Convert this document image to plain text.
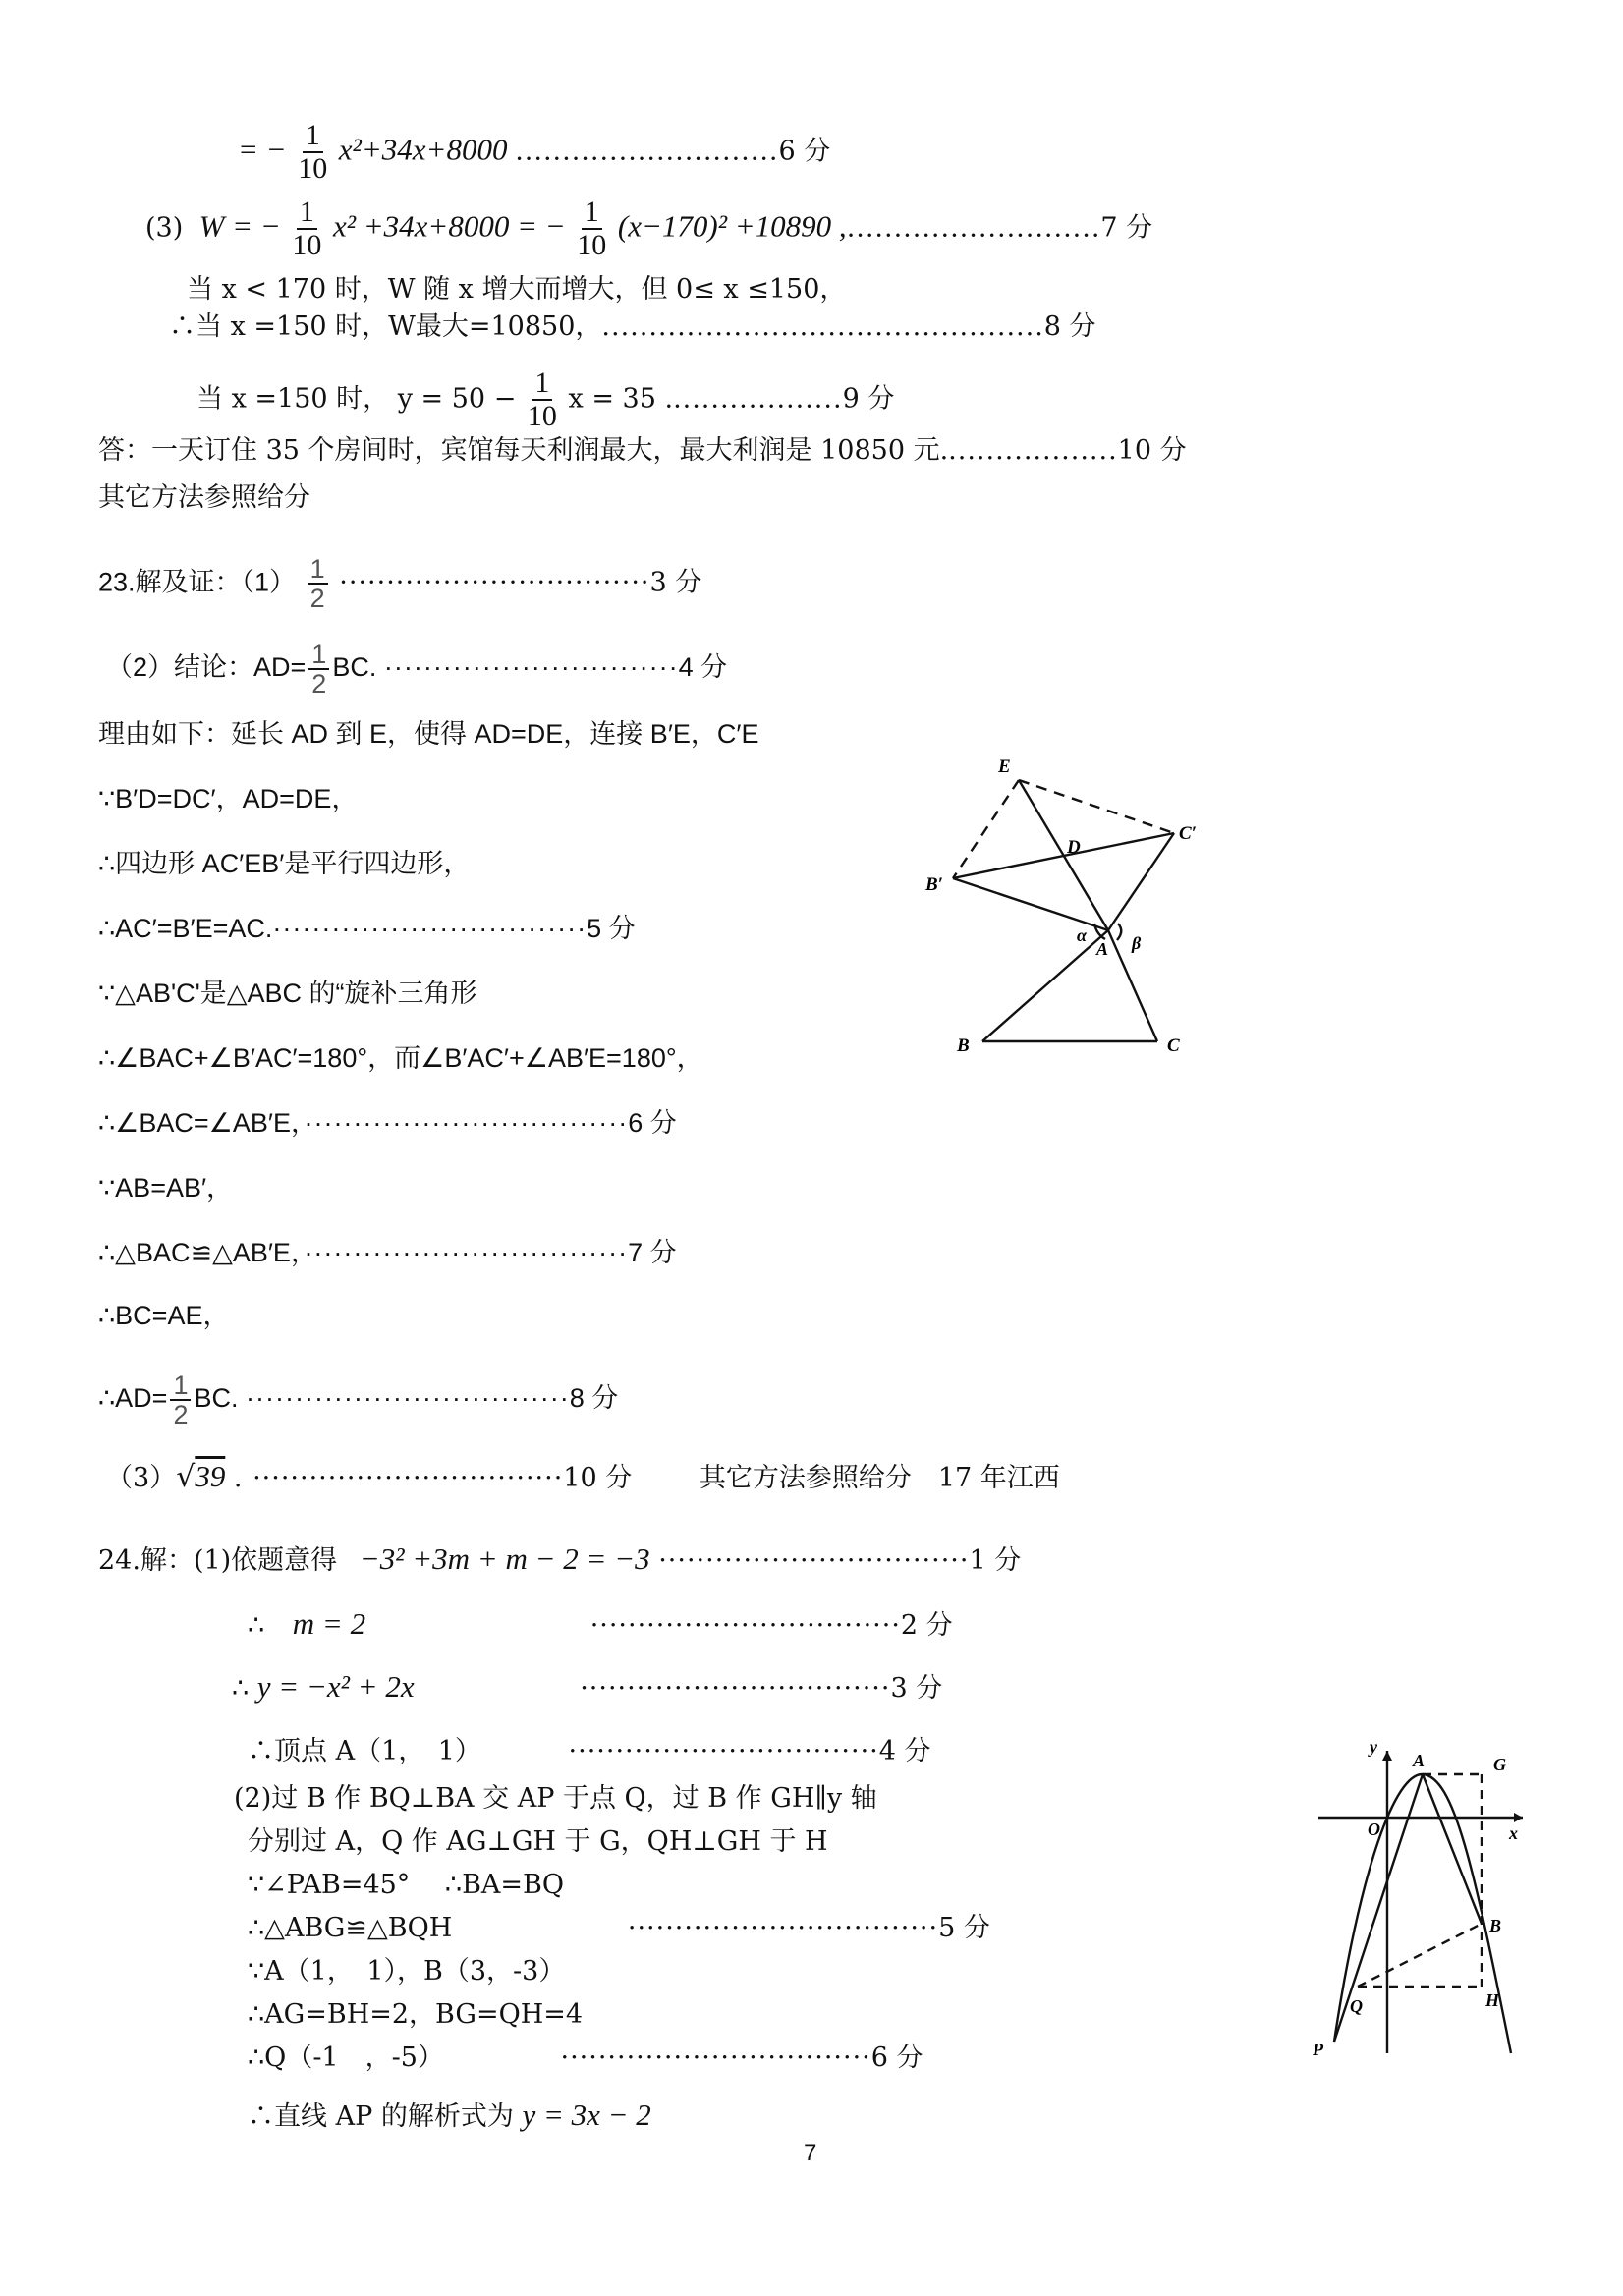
= − $\frac{1}{10} x^2+34x+8000$ ............................6 分
(3)  W = − $\frac{1}{10} x^2 +34x+8000$ = − $\frac{1}{10} (x-170)^2 +10890$ ,...........................7 分
当 x < 170 时，W 随 x 增大而增大，但 0≤ x ≤150，
∴当 x =150 时，W最大=10850，...............................................8 分
当 x =150 时， $y = 50 - \frac{1}{10}$ x = 35 ...................9 分
答：一天订住 35 个房间时，宾馆每天利润最大，最大利润是 10850 元...................10 分
其它方法参照给分
23.解及证：$(1) \frac{1}{2} \cdot\cdot\cdot\cdot\cdot\cdot\cdot\cdot\cdot\cdot\cdot\cdot\cdot\cdot\cdot\cdot\cdot\cdot\cdot\cdot\cdot\cdot\cdot\cdot\cdot\cdot\cdot\cdot\cdot\cdot\cdot\cdot\cdot 3$ 分
（2）结论：$AD= \frac{1}{2}$ BC. ······························4 分
理由如下：延长 AD 到 E，使得 AD=DE，连接 B′E，C′E
∵B′D=DC′，AD=DE，
∴四边形 AC′EB′是平行四边形，
∴AC′=B′E=AC.································5 分
∵△AB'C'是△ABC 的“旋补三角形
∴∠BAC+∠B′AC′=180°，而∠B′AC′+∠AB′E=180°，
∴∠BAC=∠AB′E，·································6 分
∵AB=AB′，
∴△BAC≌△AB′E，·································7 分
∴BC=AE，
∴AD= $\frac{1}{2}$ BC. ·································8 分
（3）√39 . ·································10 分	其它方法参照给分　17 年江西
E
D
C′
B′
α
A β
B	C
24.解：(1)依题意得 −3² +3m + m − 2 = −3 ·································1 分
∴ m = 2	·································2 分
∴ y = −x² + 2x	·································3 分
∴顶点 A（1，　1）	·································4 分
(2)过 B 作 BQ⊥BA 交 AP 于点 Q，过 B 作 GH∥y 轴
分别过 A，Q 作 AG⊥GH 于 G，QH⊥GH 于 H
∵∠PAB=45°　 ∴BA=BQ
∴△ABG≌△BQH	·································5 分
∵A（1，　1），B（3，-3）
∴AG=BH=2，BG=QH=4
∴Q（-1　，-5）	·································6 分
∴直线 AP 的解析式为 y = 3x − 2
y
A	G
O	x
B
Q	H
P
7
